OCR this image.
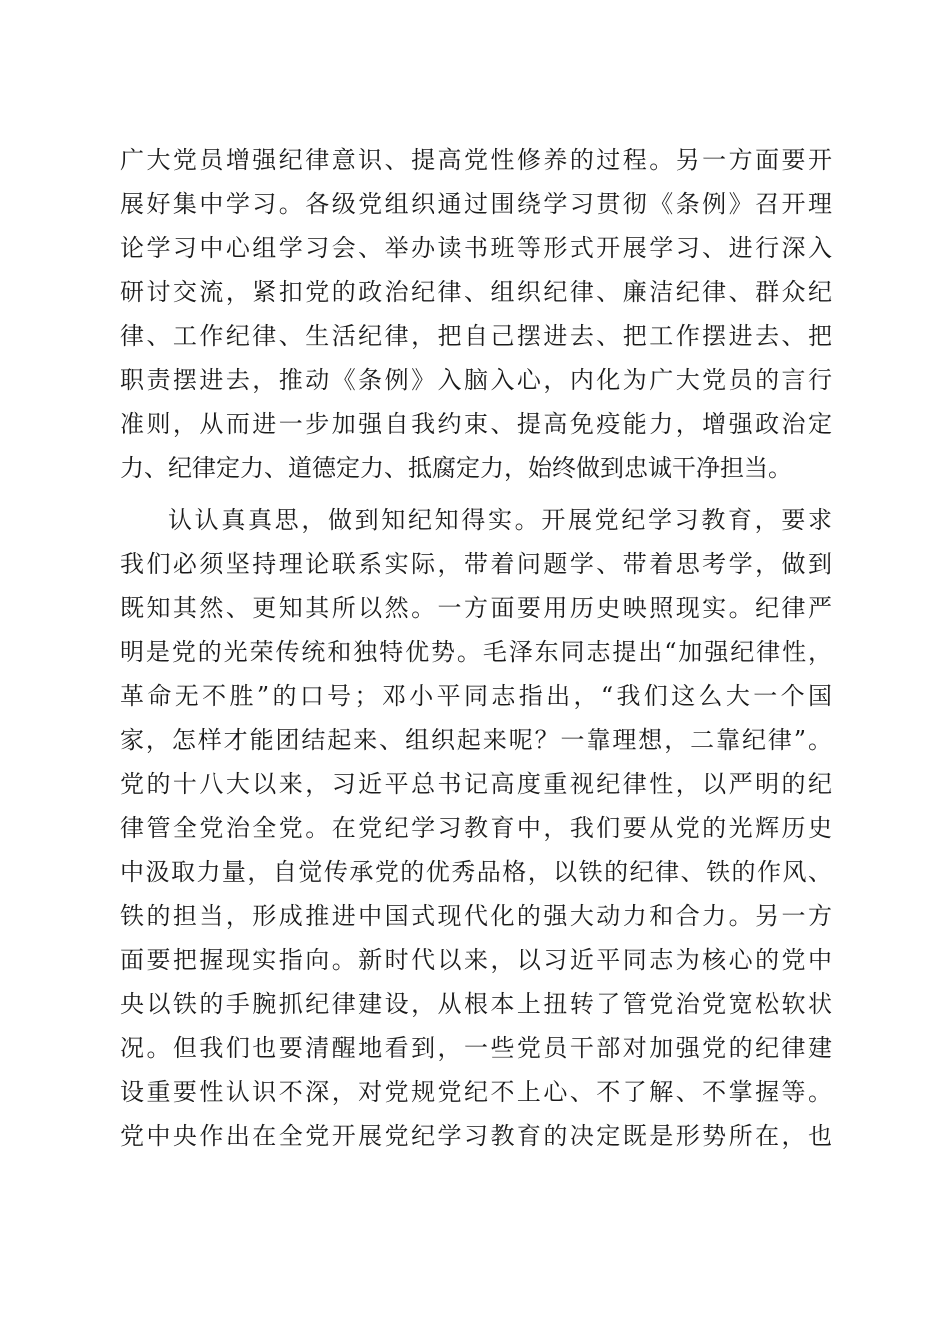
广大党员增强纪律意识、提高党性修养的过程。另一方面要开
展好集中学习。各级党组织通过围绕学习贯彻《条例》召开理
论学习中心组学习会、举办读书班等形式开展学习、进行深入
研讨交流，紧扣党的政治纪律、组织纪律、廉洁纪律、群众纪
律、工作纪律、生活纪律，把自己摆进去、把工作摆进去、把
职责摆进去，推动《条例》入脑入心，内化为广大党员的言行
准则，从而进一步加强自我约束、提高免疫能力，增强政治定
力、纪律定力、道德定力、抵腐定力，始终做到忠诚干净担当。
认认真真思，做到知纪知得实。开展党纪学习教育，要求
我们必须坚持理论联系实际，带着问题学、带着思考学，做到
既知其然、更知其所以然。一方面要用历史映照现实。纪律严
明是党的光荣传统和独特优势。毛泽东同志提出“加强纪律性，
革命无不胜”的口号；邓小平同志指出，“我们这么大一个国
家，怎样才能团结起来、组织起来呢？一靠理想，二靠纪律”。
党的十八大以来，习近平总书记高度重视纪律性，以严明的纪
律管全党治全党。在党纪学习教育中，我们要从党的光辉历史
中汲取力量，自觉传承党的优秀品格，以铁的纪律、铁的作风、
铁的担当，形成推进中国式现代化的强大动力和合力。另一方
面要把握现实指向。新时代以来，以习近平同志为核心的党中
央以铁的手腕抓纪律建设，从根本上扭转了管党治党宽松软状
况。但我们也要清醒地看到，一些党员干部对加强党的纪律建
设重要性认识不深，对党规党纪不上心、不了解、不掌握等。
党中央作出在全党开展党纪学习教育的决定既是形势所在，也
